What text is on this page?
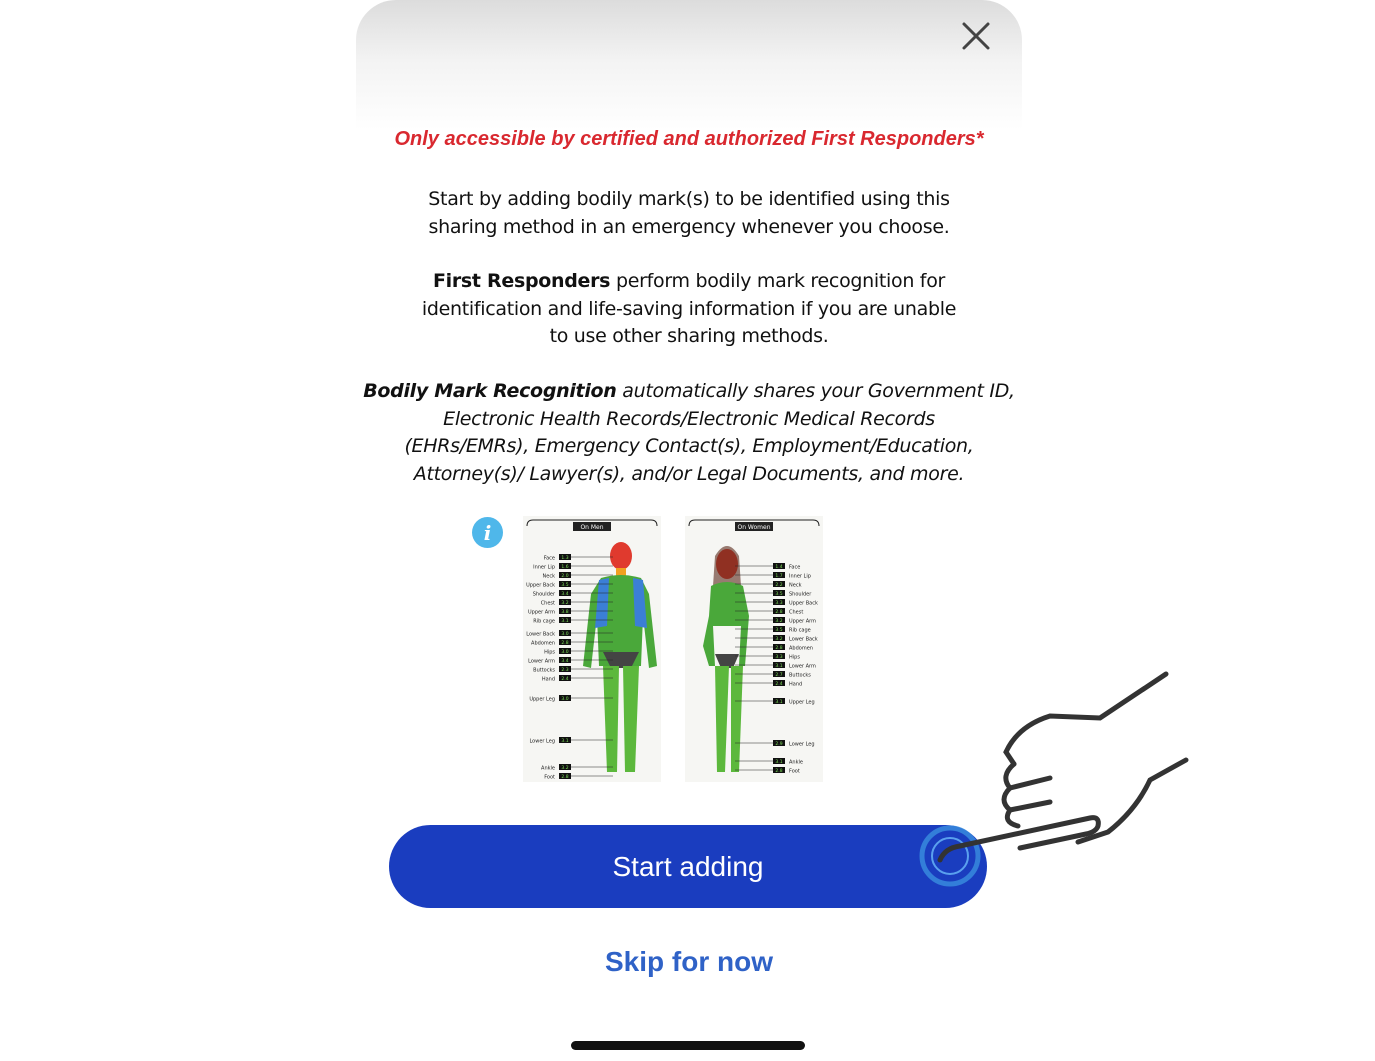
Only accessible by certified and authorized First Responders*
Start by adding bodily mark(s) to be identified using this
sharing method in an emergency whenever you choose.
First Responders perform bodily mark recognition for
identification and life-saving information if you are unable
to use other sharing methods.
Bodily Mark Recognition automatically shares your Government ID,
Electronic Health Records/Electronic Medical Records
(EHRs/EMRs), Emergency Contact(s), Employment/Education,
Attorney(s)/ Lawyer(s), and/or Legal Documents, and more.
i	On Men
Face 1.3
Inner Lip 1.6
Neck 2.0
Upper Back 3.5
Shoulder 3.4
Chest 3.2
Upper Arm 3.8
Rib cage 3.1
Lower Back 3.0
Abdomen 2.8
Hips 3.0
Lower Arm 3.4
Buttocks 2.3
Hand 2.4
Upper Leg 3.0
Lower Leg 3.1
Ankle 3.2
Foot 2.8
On Women
Face
1.4
Inner Lip
1.7
Neck
2.2
Shoulder
3.5
Upper Back
3.3
Chest
2.8
Upper Arm
3.2
Rib cage
3.5
Lower Back
3.2
Abdomen
2.8
Hips
3.3
Lower Arm
3.1
Buttocks
2.7
Hand
2.4
Upper Leg
3.1
Lower Leg
2.9
Ankle
3.1
Foot
2.8
Start adding
Skip for now
